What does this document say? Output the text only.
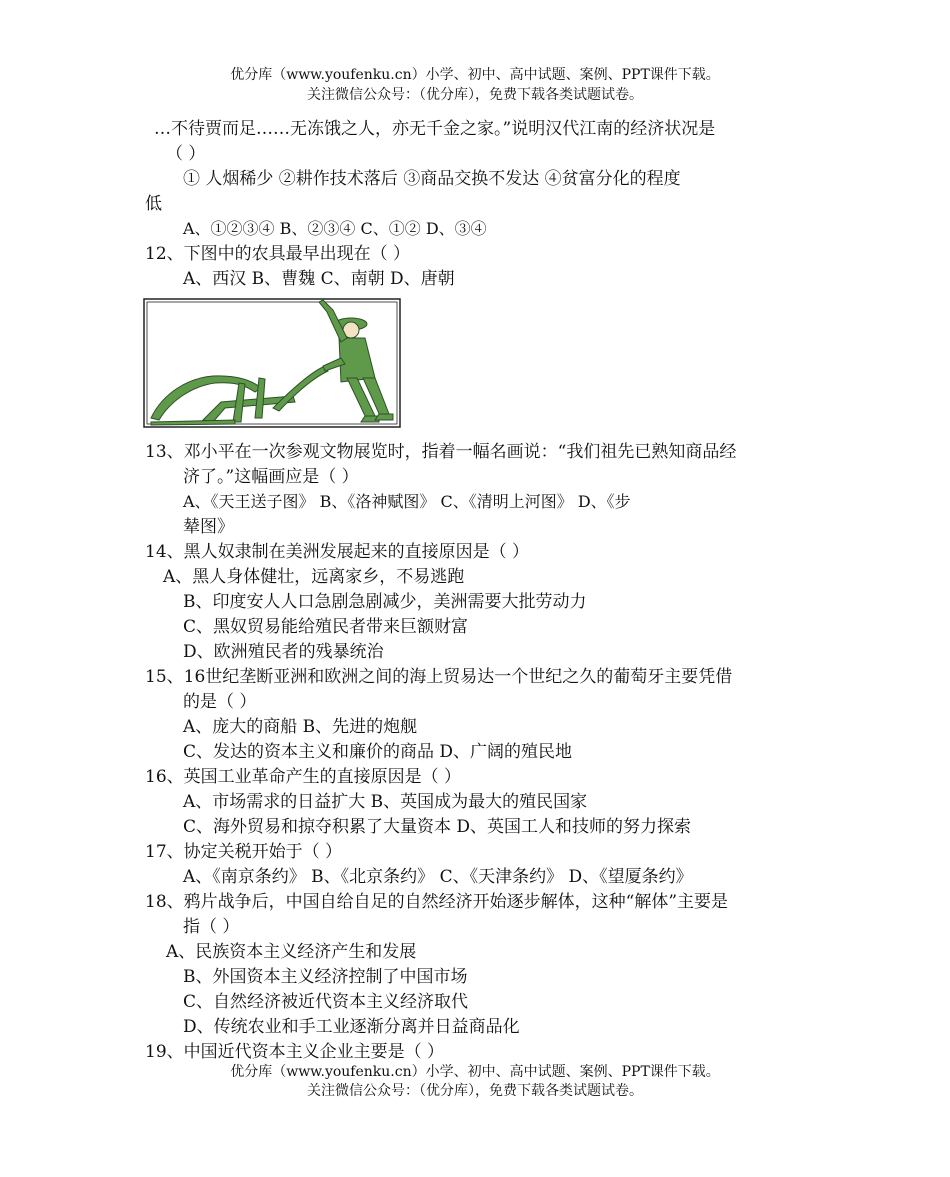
优分库（www.youfenku.cn）小学、初中、高中试题、案例、PPT课件下载。
关注微信公众号：（优分库），免费下载各类试题试卷。
…不待贾而足……无冻饿之人，亦无千金之家。”说明汉代江南的经济状况是
（ ）
① 人烟稀少 ②耕作技术落后 ③商品交换不发达 ④贫富分化的程度
低
A、①②③④ B、②③④ C、①② D、③④
12、下图中的农具最早出现在（ ）
A、西汉 B、曹魏 C、南朝 D、唐朝
13、邓小平在一次参观文物展览时，指着一幅名画说：“我们祖先已熟知商品经
济了。”这幅画应是（ ）
A、《天王送子图》 B、《洛神赋图》 C、《清明上河图》 D、《步
辇图》
14、黑人奴隶制在美洲发展起来的直接原因是（ ）
A、黑人身体健壮，远离家乡，不易逃跑
B、印度安人人口急剧急剧减少，美洲需要大批劳动力
C、黑奴贸易能给殖民者带来巨额财富
D、欧洲殖民者的残暴统治
15、16世纪垄断亚洲和欧洲之间的海上贸易达一个世纪之久的葡萄牙主要凭借
的是（ ）
A、庞大的商船 B、先进的炮舰
C、发达的资本主义和廉价的商品 D、广阔的殖民地
16、英国工业革命产生的直接原因是（ ）
A、市场需求的日益扩大 B、英国成为最大的殖民国家
C、海外贸易和掠夺积累了大量资本 D、英国工人和技师的努力探索
17、协定关税开始于（ ）
A、《南京条约》 B、《北京条约》 C、《天津条约》 D、《望厦条约》
18、鸦片战争后，中国自给自足的自然经济开始逐步解体，这种“解体”主要是
指（ ）
A、民族资本主义经济产生和发展
B、外国资本主义经济控制了中国市场
C、自然经济被近代资本主义经济取代
D、传统农业和手工业逐渐分离并日益商品化
19、中国近代资本主义企业主要是（ ）
优分库（www.youfenku.cn）小学、初中、高中试题、案例、PPT课件下载。
关注微信公众号：（优分库），免费下载各类试题试卷。
